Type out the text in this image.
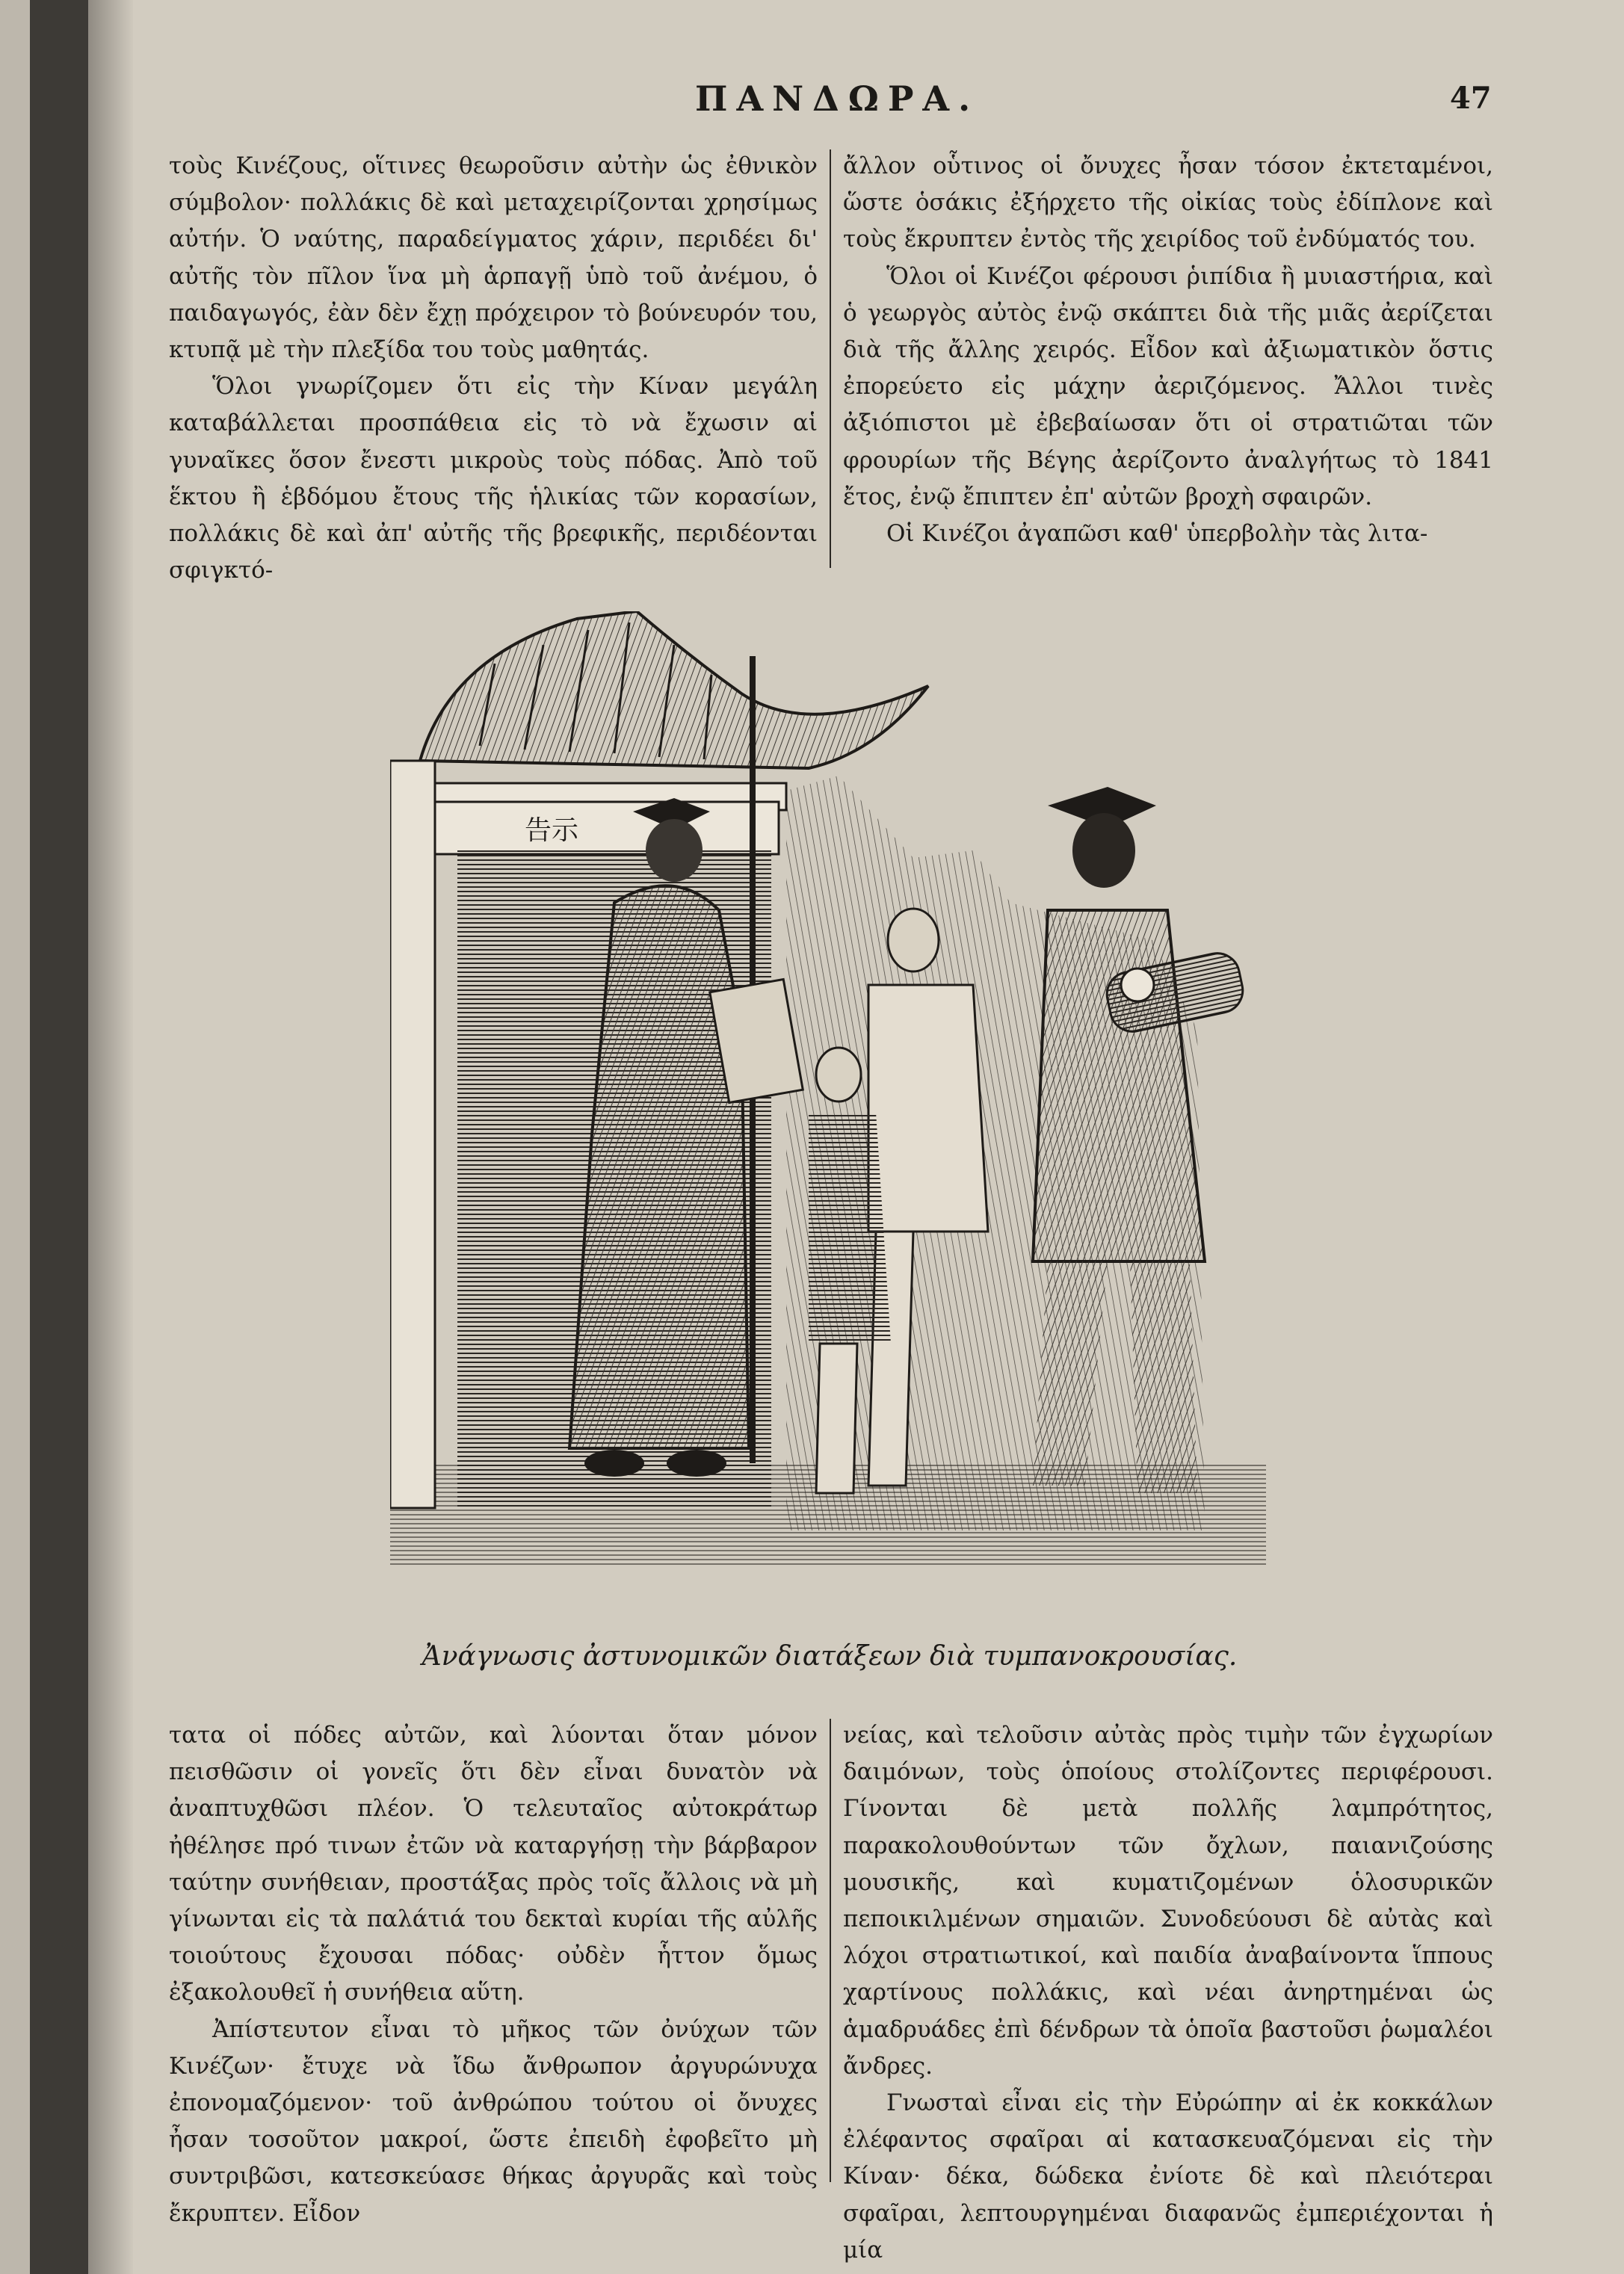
ΠΑΝΔΩΡΑ.	47

τοὺς Κινέζους, οἵτινες θεωροῦσιν αὐτὴν ὡς ἐθνικὸν σύμβολον· πολλάκις δὲ καὶ μεταχειρίζονται χρησίμως αὐτήν. Ὁ ναύτης, παραδείγματος χάριν, περιδέει δι' αὐτῆς τὸν πῖλον ἵνα μὴ ἁρπαγῇ ὑπὸ τοῦ ἀνέμου, ὁ παιδαγωγός, ἐὰν δὲν ἔχῃ πρόχειρον τὸ βούνευρόν του, κτυπᾷ μὲ τὴν πλεξίδα του τοὺς μαθητάς.

Ὅλοι γνωρίζομεν ὅτι εἰς τὴν Κίναν μεγάλη καταβάλλεται προσπάθεια εἰς τὸ νὰ ἔχωσιν αἱ γυναῖκες ὅσον ἔνεστι μικροὺς τοὺς πόδας. Ἀπὸ τοῦ ἕκτου ἢ ἑβδόμου ἔτους τῆς ἡλικίας τῶν κορασίων, πολλάκις δὲ καὶ ἀπ' αὐτῆς τῆς βρεφικῆς, περιδέονται σφιγκτό-

ἄλλον οὗτινος οἱ ὄνυχες ἦσαν τόσον ἐκτεταμένοι, ὥστε ὁσάκις ἐξήρχετο τῆς οἰκίας τοὺς ἐδίπλονε καὶ τοὺς ἔκρυπτεν ἐντὸς τῆς χειρίδος τοῦ ἐνδύματός του.

Ὅλοι οἱ Κινέζοι φέρουσι ῥιπίδια ἢ μυιαστήρια, καὶ ὁ γεωργὸς αὐτὸς ἐνῷ σκάπτει διὰ τῆς μιᾶς ἀερίζεται διὰ τῆς ἄλλης χειρός. Εἶδον καὶ ἀξιωματικὸν ὅστις ἐπορεύετο εἰς μάχην ἀεριζόμενος. Ἄλλοι τινὲς ἀξιόπιστοι μὲ ἐβεβαίωσαν ὅτι οἱ στρατιῶται τῶν φρουρίων τῆς Βέγης ἀερίζοντο ἀναλγήτως τὸ 1841 ἔτος, ἐνῷ ἔπιπτεν ἐπ' αὐτῶν βροχὴ σφαιρῶν.

Οἱ Κινέζοι ἀγαπῶσι καθ' ὑπερβολὴν τὰς λιτα-

告示
Ἀνάγνωσις ἀστυνομικῶν διατάξεων διὰ τυμπανοκρουσίας.

τατα οἱ πόδες αὐτῶν, καὶ λύονται ὅταν μόνον πεισθῶσιν οἱ γονεῖς ὅτι δὲν εἶναι δυνατὸν νὰ ἀναπτυχθῶσι πλέον. Ὁ τελευταῖος αὐτοκράτωρ ἠθέλησε πρό τινων ἐτῶν νὰ καταργήσῃ τὴν βάρβαρον ταύτην συνήθειαν, προστάξας πρὸς τοῖς ἄλλοις νὰ μὴ γίνωνται εἰς τὰ παλάτιά του δεκταὶ κυρίαι τῆς αὐλῆς τοιούτους ἔχουσαι πόδας· οὐδὲν ἧττον ὅμως ἐξακολουθεῖ ἡ συνήθεια αὕτη.

Ἀπίστευτον εἶναι τὸ μῆκος τῶν ὀνύχων τῶν Κινέζων· ἔτυχε νὰ ἴδω ἄνθρωπον ἀργυρώνυχα ἐπονομαζόμενον· τοῦ ἀνθρώπου τούτου οἱ ὄνυχες ἦσαν τοσοῦτον μακροί, ὥστε ἐπειδὴ ἐφοβεῖτο μὴ συντριβῶσι, κατεσκεύασε θήκας ἀργυρᾶς καὶ τοὺς ἔκρυπτεν. Εἶδον

νείας, καὶ τελοῦσιν αὐτὰς πρὸς τιμὴν τῶν ἐγχωρίων δαιμόνων, τοὺς ὁποίους στολίζοντες περιφέρουσι. Γίνονται δὲ μετὰ πολλῆς λαμπρότητος, παρακολουθούντων τῶν ὄχλων, παιανιζούσης μουσικῆς, καὶ κυματιζομένων ὁλοσυρικῶν πεποικιλμένων σημαιῶν. Συνοδεύουσι δὲ αὐτὰς καὶ λόχοι στρατιωτικοί, καὶ παιδία ἀναβαίνοντα ἵππους χαρτίνους πολλάκις, καὶ νέαι ἀνηρτημέναι ὡς ἁμαδρυάδες ἐπὶ δένδρων τὰ ὁποῖα βαστοῦσι ῥωμαλέοι ἄνδρες.

Γνωσταὶ εἶναι εἰς τὴν Εὐρώπην αἱ ἐκ κοκκάλων ἐλέφαντος σφαῖραι αἱ κατασκευαζόμεναι εἰς τὴν Κίναν· δέκα, δώδεκα ἐνίοτε δὲ καὶ πλειότεραι σφαῖραι, λεπτουργημέναι διαφανῶς ἐμπεριέχονται ἡ μία
